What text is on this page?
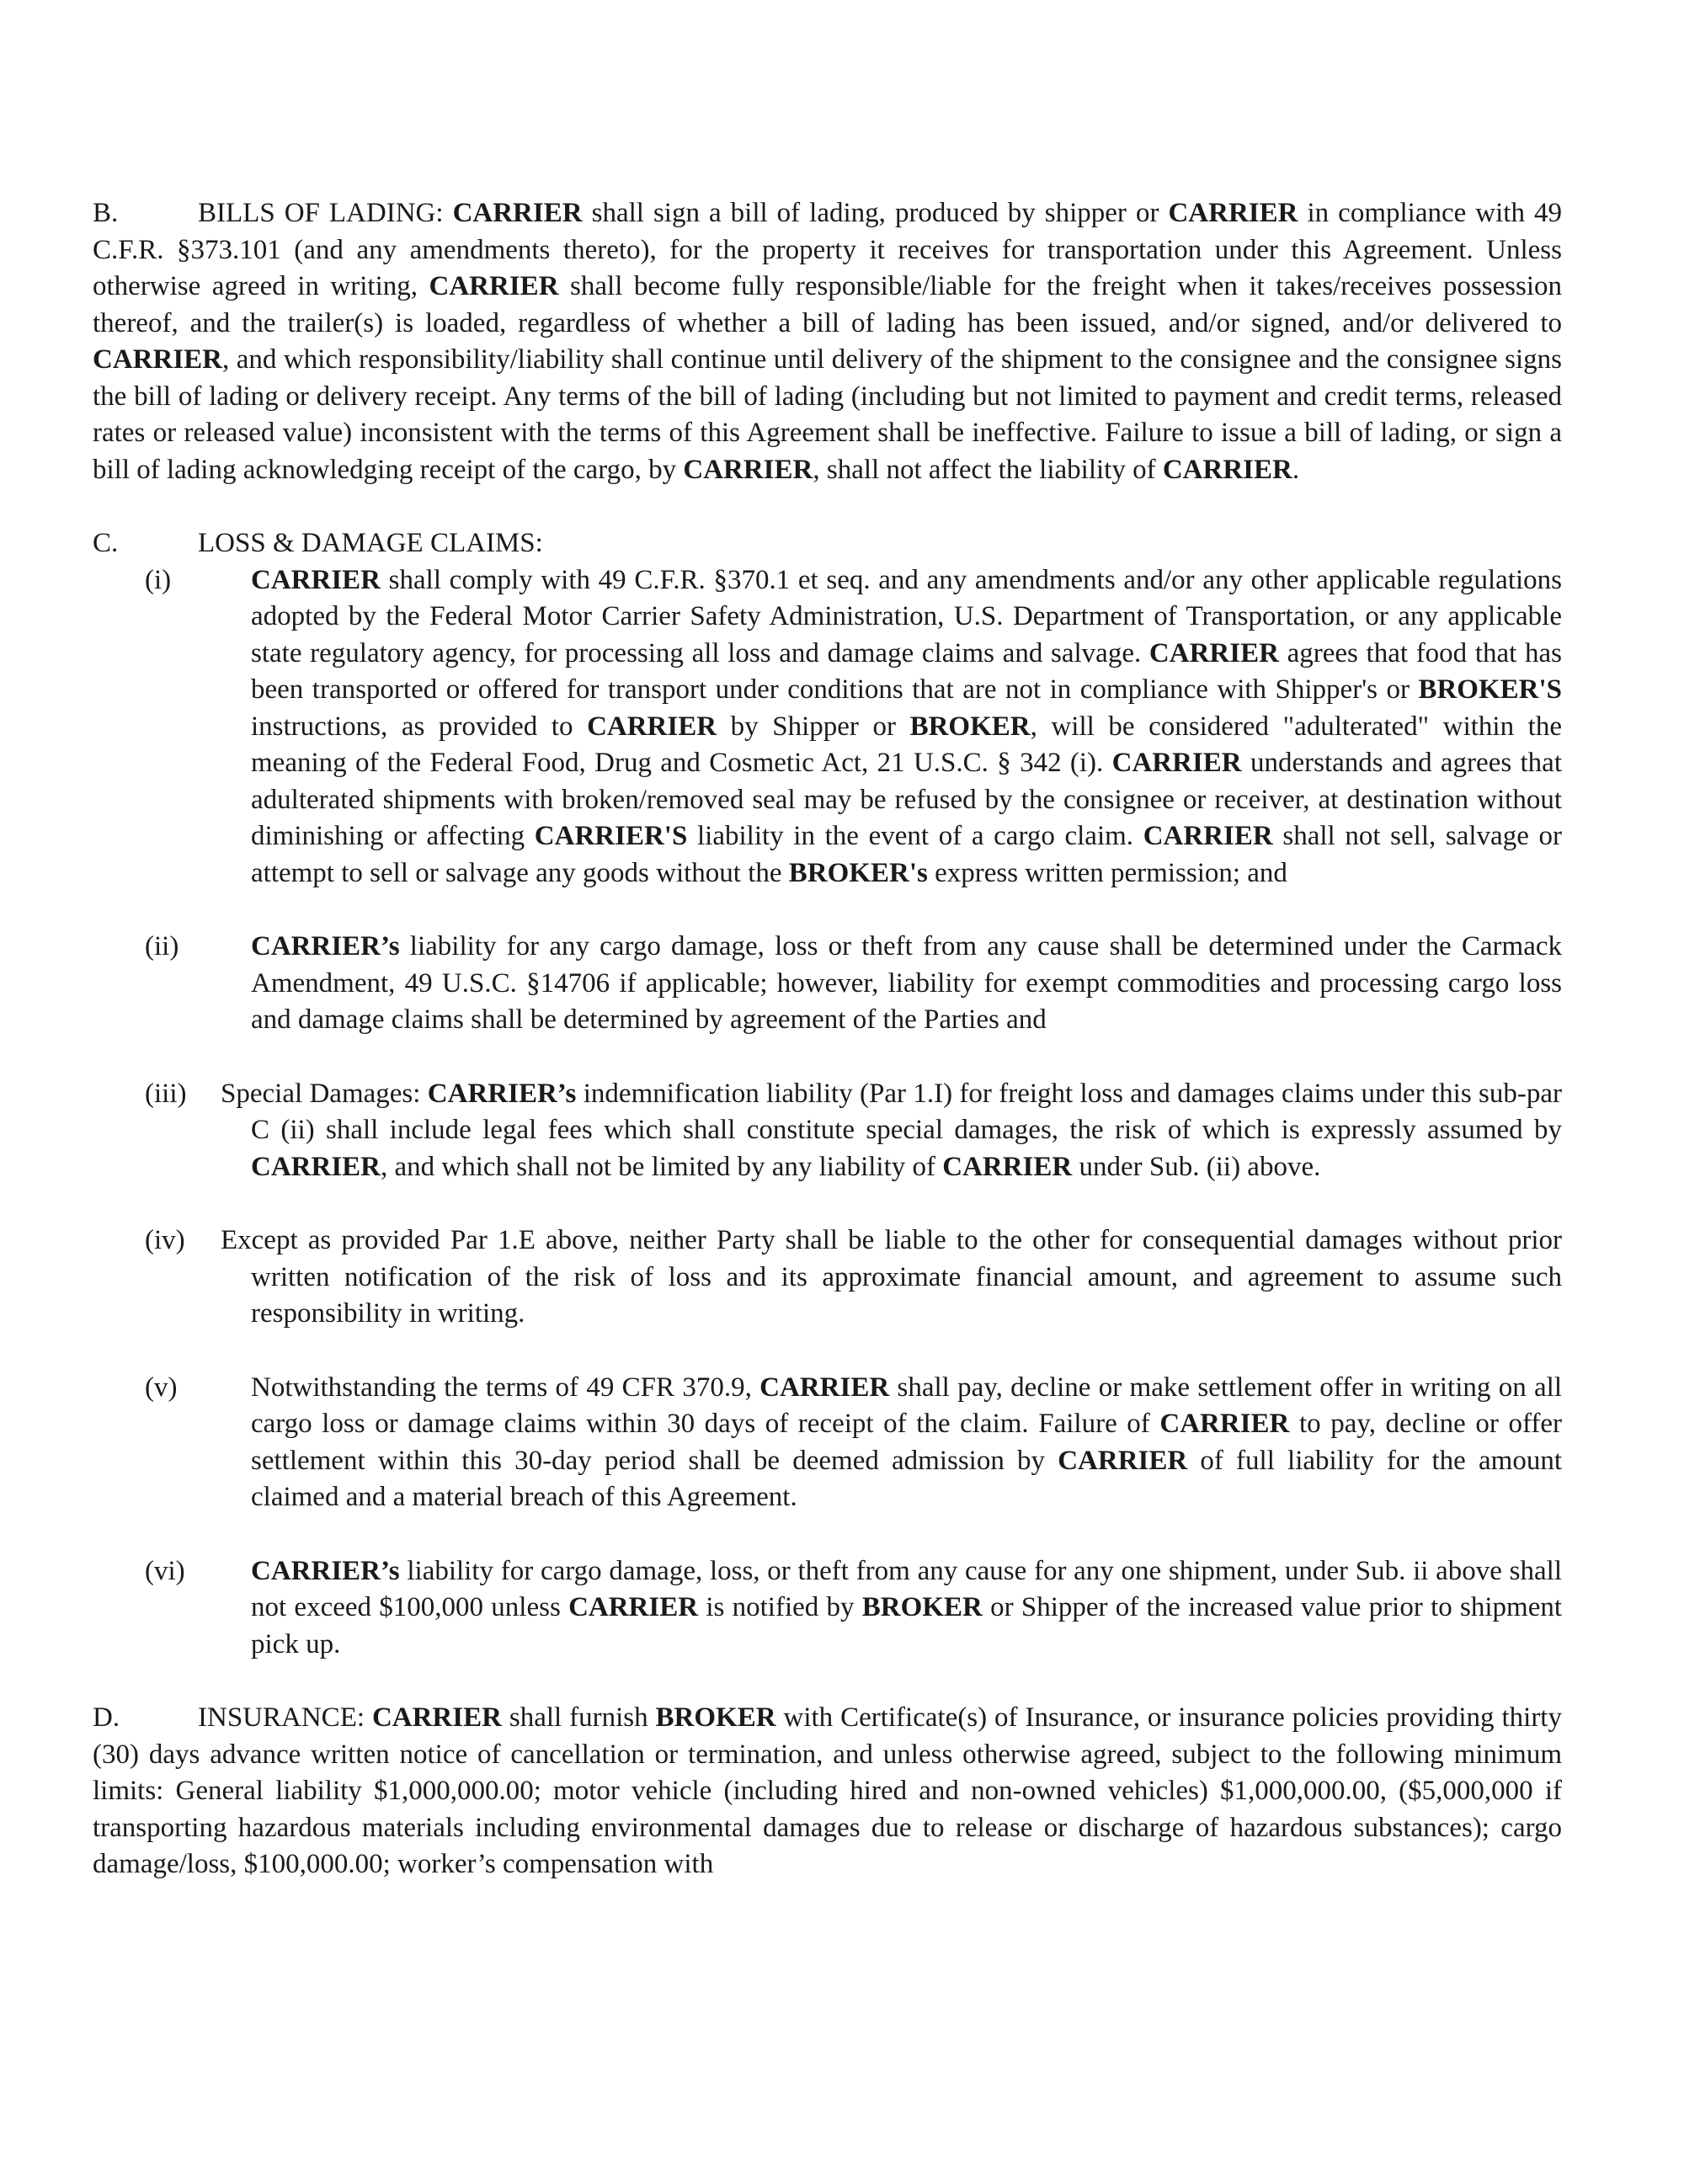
B.	BILLS OF LADING: CARRIER shall sign a bill of lading, produced by shipper or CARRIER in compliance with 49 C.F.R. §373.101 (and any amendments thereto), for the property it receives for transportation under this Agreement. Unless otherwise agreed in writing, CARRIER shall become fully responsible/liable for the freight when it takes/receives possession thereof, and the trailer(s) is loaded, regardless of whether a bill of lading has been issued, and/or signed, and/or delivered to CARRIER, and which responsibility/liability shall continue until delivery of the shipment to the consignee and the consignee signs the bill of lading or delivery receipt. Any terms of the bill of lading (including but not limited to payment and credit terms, released rates or released value) inconsistent with the terms of this Agreement shall be ineffective. Failure to issue a bill of lading, or sign a bill of lading acknowledging receipt of the cargo, by CARRIER, shall not affect the liability of CARRIER.

C.	LOSS & DAMAGE CLAIMS:

(i)	CARRIER shall comply with 49 C.F.R. §370.1 et seq. and any amendments and/or any other applicable regulations adopted by the Federal Motor Carrier Safety Administration, U.S. Department of Transportation, or any applicable state regulatory agency, for processing all loss and damage claims and salvage. CARRIER agrees that food that has been transported or offered for transport under conditions that are not in compliance with Shipper's or BROKER'S instructions, as provided to CARRIER by Shipper or BROKER, will be considered "adulterated" within the meaning of the Federal Food, Drug and Cosmetic Act, 21 U.S.C. § 342 (i). CARRIER understands and agrees that adulterated shipments with broken/removed seal may be refused by the consignee or receiver, at destination without diminishing or affecting CARRIER'S liability in the event of a cargo claim. CARRIER shall not sell, salvage or attempt to sell or salvage any goods without the BROKER's express written permission; and
(ii)	CARRIER’s liability for any cargo damage, loss or theft from any cause shall be determined under the Carmack Amendment, 49 U.S.C. §14706 if applicable; however, liability for exempt commodities and processing cargo loss and damage claims shall be determined by agreement of the Parties and
(iii) Special Damages: CARRIER’s indemnification liability (Par 1.I) for freight loss and damages claims under this sub-par C (ii) shall include legal fees which shall constitute special damages, the risk of which is expressly assumed by CARRIER, and which shall not be limited by any liability of CARRIER under Sub. (ii) above.
(iv) Except as provided Par 1.E above, neither Party shall be liable to the other for consequential damages without prior written notification of the risk of loss and its approximate financial amount, and agreement to assume such responsibility in writing.
(v)	Notwithstanding the terms of 49 CFR 370.9, CARRIER shall pay, decline or make settlement offer in writing on all cargo loss or damage claims within 30 days of receipt of the claim. Failure of CARRIER to pay, decline or offer settlement within this 30-day period shall be deemed admission by CARRIER of full liability for the amount claimed and a material breach of this Agreement.
(vi) CARRIER’s liability for cargo damage, loss, or theft from any cause for any one shipment, under Sub. ii above shall not exceed $100,000 unless CARRIER is notified by BROKER or Shipper of the increased value prior to shipment pick up.

D.	INSURANCE: CARRIER shall furnish BROKER with Certificate(s) of Insurance, or insurance policies providing thirty (30) days advance written notice of cancellation or termination, and unless otherwise agreed, subject to the following minimum limits: General liability $1,000,000.00; motor vehicle (including hired and non-owned vehicles) $1,000,000.00, ($5,000,000 if transporting hazardous materials including environmental damages due to release or discharge of hazardous substances); cargo damage/loss, $100,000.00; worker’s compensation with
